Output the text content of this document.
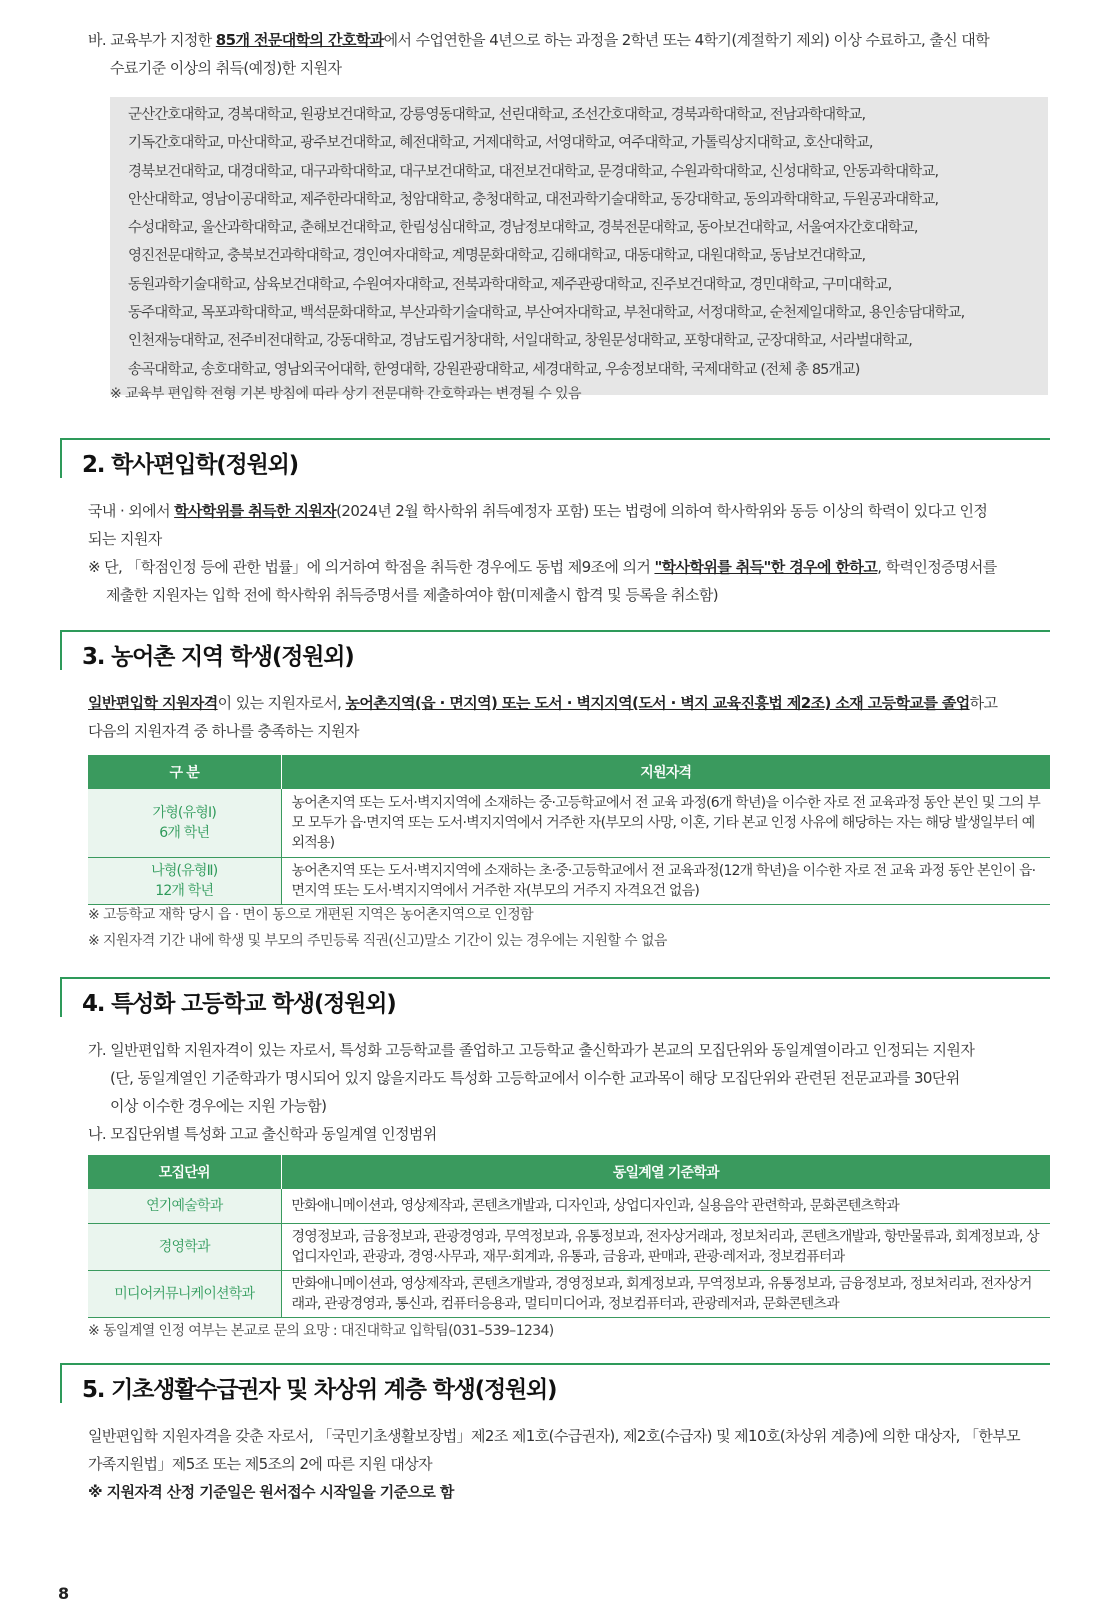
바. 교육부가 지정한 85개 전문대학의 간호학과에서 수업연한을 4년으로 하는 과정을 2학년 또는 4학기(계절학기 제외) 이상 수료하고, 출신 대학
수료기준 이상의 취득(예정)한 지원자
군산간호대학교, 경복대학교, 원광보건대학교, 강릉영동대학교, 선린대학교, 조선간호대학교, 경북과학대학교, 전남과학대학교,
기독간호대학교, 마산대학교, 광주보건대학교, 혜전대학교, 거제대학교, 서영대학교, 여주대학교, 가톨릭상지대학교, 호산대학교,
경북보건대학교, 대경대학교, 대구과학대학교, 대구보건대학교, 대전보건대학교, 문경대학교, 수원과학대학교, 신성대학교, 안동과학대학교,
안산대학교, 영남이공대학교, 제주한라대학교, 청암대학교, 충청대학교, 대전과학기술대학교, 동강대학교, 동의과학대학교, 두원공과대학교,
수성대학교, 울산과학대학교, 춘해보건대학교, 한림성심대학교, 경남정보대학교, 경북전문대학교, 동아보건대학교, 서울여자간호대학교,
영진전문대학교, 충북보건과학대학교, 경인여자대학교, 계명문화대학교, 김해대학교, 대동대학교, 대원대학교, 동남보건대학교,
동원과학기술대학교, 삼육보건대학교, 수원여자대학교, 전북과학대학교, 제주관광대학교, 진주보건대학교, 경민대학교, 구미대학교,
동주대학교, 목포과학대학교, 백석문화대학교, 부산과학기술대학교, 부산여자대학교, 부천대학교, 서정대학교, 순천제일대학교, 용인송담대학교,
인천재능대학교, 전주비전대학교, 강동대학교, 경남도립거창대학, 서일대학교, 창원문성대학교, 포항대학교, 군장대학교, 서라벌대학교,
송곡대학교, 송호대학교, 영남외국어대학, 한영대학, 강원관광대학교, 세경대학교, 우송정보대학, 국제대학교 (전체 총 85개교)
※ 교육부 편입학 전형 기본 방침에 따라 상기 전문대학 간호학과는 변경될 수 있음
2. 학사편입학(정원외)
국내 · 외에서 학사학위를 취득한 지원자(2024년 2월 학사학위 취득예정자 포함) 또는 법령에 의하여 학사학위와 동등 이상의 학력이 있다고 인정
되는 지원자
※ 단, 「학점인정 등에 관한 법률」에 의거하여 학점을 취득한 경우에도 동법 제9조에 의거 "학사학위를 취득"한 경우에 한하고, 학력인정증명서를
제출한 지원자는 입학 전에 학사학위 취득증명서를 제출하여야 함(미제출시 합격 및 등록을 취소함)
3. 농어촌 지역 학생(정원외)
일반편입학 지원자격이 있는 지원자로서, 농어촌지역(읍 · 면지역) 또는 도서 · 벽지지역(도서 · 벽지 교육진흥법 제2조) 소재 고등학교를 졸업하고
다음의 지원자격 중 하나를 충족하는 지원자
구 분	지원자격

가형(유형Ⅰ)
6개 학년	농어촌지역 또는 도서·벽지지역에 소재하는 중·고등학교에서 전 교육 과정(6개 학년)을 이수한 자로 전 교육과정 동안 본인 및 그의 부모 모두가 읍·면지역 또는 도서·벽지지역에서 거주한 자(부모의 사망, 이혼, 기타 본교 인정 사유에 해당하는 자는 해당 발생일부터 예외적용)

나형(유형Ⅱ)
12개 학년	농어촌지역 또는 도서·벽지지역에 소재하는 초·중·고등학교에서 전 교육과정(12개 학년)을 이수한 자로 전 교육 과정 동안 본인이 읍·면지역 또는 도서·벽지지역에서 거주한 자(부모의 거주지 자격요건 없음)
※ 고등학교 재학 당시 읍 · 면이 동으로 개편된 지역은 농어촌지역으로 인정함
※ 지원자격 기간 내에 학생 및 부모의 주민등록 직권(신고)말소 기간이 있는 경우에는 지원할 수 없음
4. 특성화 고등학교 학생(정원외)
가. 일반편입학 지원자격이 있는 자로서, 특성화 고등학교를 졸업하고 고등학교 출신학과가 본교의 모집단위와 동일계열이라고 인정되는 지원자
(단, 동일계열인 기준학과가 명시되어 있지 않을지라도 특성화 고등학교에서 이수한 교과목이 해당 모집단위와 관련된 전문교과를 30단위
이상 이수한 경우에는 지원 가능함)
나. 모집단위별 특성화 고교 출신학과 동일계열 인정범위
모집단위	동일계열 기준학과
연기예술학과	만화애니메이션과, 영상제작과, 콘텐츠개발과, 디자인과, 상업디자인과, 실용음악 관련학과, 문화콘텐츠학과
경영학과	경영정보과, 금융정보과, 관광경영과, 무역정보과, 유통정보과, 전자상거래과, 정보처리과, 콘텐츠개발과, 항만물류과, 회계정보과, 상업디자인과, 관광과, 경영·사무과, 재무·회계과, 유통과, 금융과, 판매과, 관광·레저과, 정보컴퓨터과
미디어커뮤니케이션학과	만화애니메이션과, 영상제작과, 콘텐츠개발과, 경영정보과, 회계정보과, 무역정보과, 유통정보과, 금융정보과, 정보처리과, 전자상거래과, 관광경영과, 통신과, 컴퓨터응용과, 멀티미디어과, 정보컴퓨터과, 관광레저과, 문화콘텐츠과
※ 동일계열 인정 여부는 본교로 문의 요망 : 대진대학교 입학팀(031–539–1234)
5. 기초생활수급권자 및 차상위 계층 학생(정원외)
일반편입학 지원자격을 갖춘 자로서, 「국민기초생활보장법」제2조 제1호(수급권자), 제2호(수급자) 및 제10호(차상위 계층)에 의한 대상자, 「한부모
가족지원법」제5조 또는 제5조의 2에 따른 지원 대상자
※ 지원자격 산정 기준일은 원서접수 시작일을 기준으로 함
8
